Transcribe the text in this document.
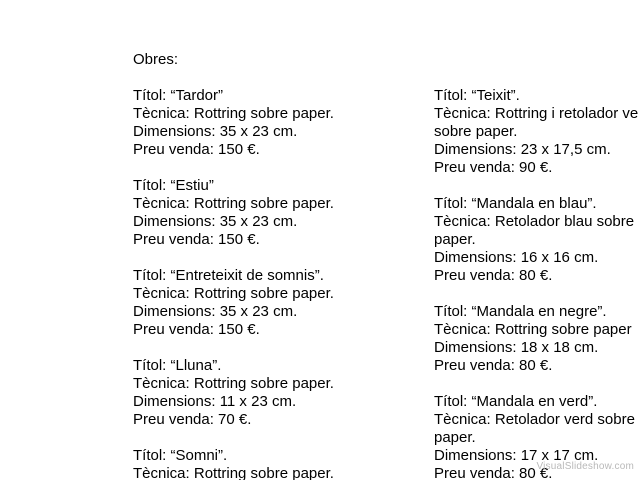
Obres:
Títol: “Tardor”
Tècnica: Rottring sobre paper.
Dimensions: 35 x 23 cm.
Preu venda: 150 €.
Títol: “Estiu”
Tècnica: Rottring sobre paper.
Dimensions: 35 x 23 cm.
Preu venda: 150 €.
Títol: “Entreteixit de somnis”.
Tècnica: Rottring sobre paper.
Dimensions: 35 x 23 cm.
Preu venda: 150 €.
Títol: “Lluna”.
Tècnica: Rottring sobre paper.
Dimensions: 11 x 23 cm.
Preu venda: 70 €.
Títol: “Somni”.
Tècnica: Rottring sobre paper.
Títol: “Teixit”.
Tècnica: Rottring i retolador ve
sobre paper.
Dimensions: 23 x 17,5 cm.
Preu venda: 90 €.
Títol: “Mandala en blau”.
Tècnica: Retolador blau sobre
paper.
Dimensions: 16 x 16 cm.
Preu venda: 80 €.
Títol: “Mandala en negre”.
Tècnica: Rottring sobre paper
Dimensions: 18 x 18 cm.
Preu venda: 80 €.
Títol: “Mandala en verd”.
Tècnica: Retolador verd sobre
paper.
Dimensions: 17 x 17 cm.
Preu venda: 80 €.
VisualSlideshow.com
